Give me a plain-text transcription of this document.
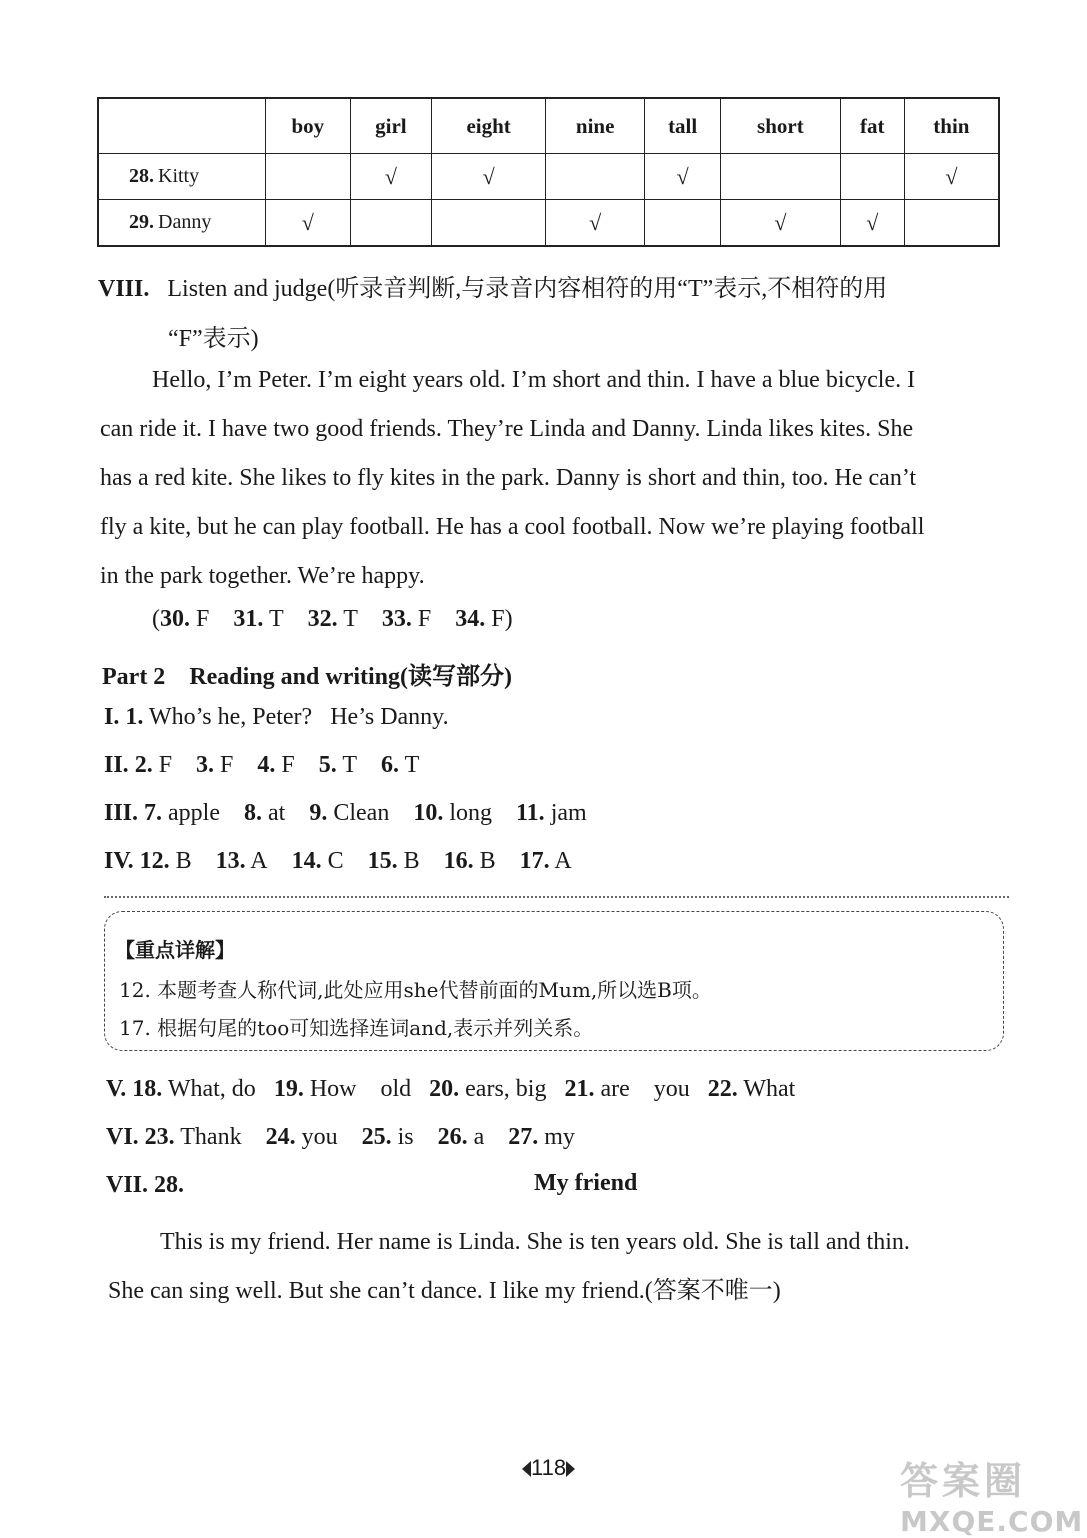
	boy	girl	eight	nine	tall	short	fat	thin
28. Kitty		√	√		√			√
29. Danny	√			√		√	√	
VIII. Listen and judge(听录音判断,与录音内容相符的用“T”表示,不相符的用
“F”表示)
Hello, I’m Peter. I’m eight years old. I’m short and thin. I have a blue bicycle. I
can ride it. I have two good friends. They’re Linda and Danny. Linda likes kites. She
has a red kite. She likes to fly kites in the park. Danny is short and thin, too. He can’t
fly a kite, but he can play football. He has a cool football. Now we’re playing football
in the park together. We’re happy.
(30. F 31. T 32. T 33. F 34. F)
Part 2 Reading and writing(读写部分)
I. 1. Who’s he, Peter? He’s Danny.
II. 2. F 3. F 4. F 5. T 6. T
III. 7. apple 8. at 9. Clean 10. long 11. jam
IV. 12. B 13. A 14. C 15. B 16. B 17. A
【重点详解】
12. 本题考查人称代词,此处应用she代替前面的Mum,所以选B项。
17. 根据句尾的too可知选择连词and,表示并列关系。
V. 18. What, do 19. How    old 20. ears, big 21. are    you 22. What
VI. 23. Thank 24. you 25. is 26. a 27. my
VII. 28.	My friend
This is my friend. Her name is Linda. She is ten years old. She is tall and thin.
She can sing well. But she can’t dance. I like my friend.(答案不唯一)
118	答案圈
MXQE.COM
